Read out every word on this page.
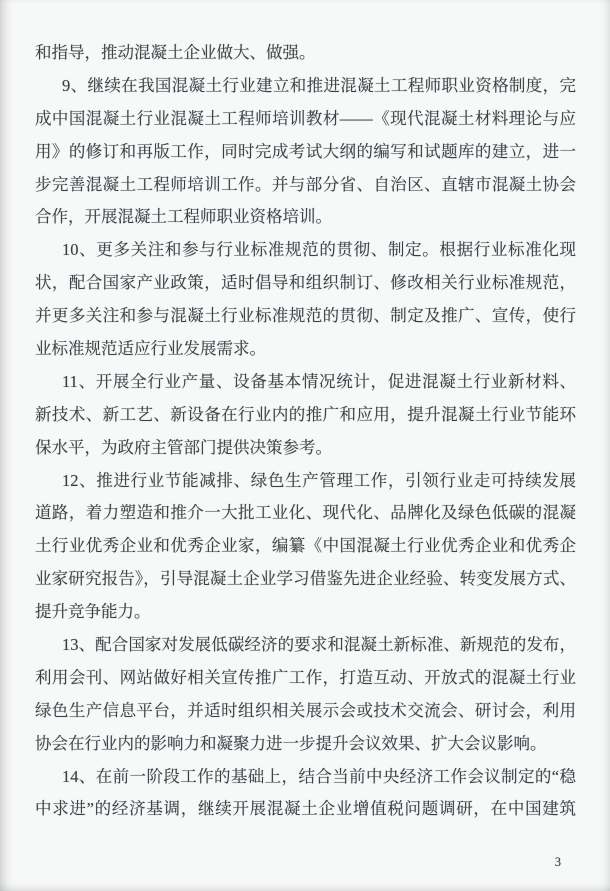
和指导，推动混凝土企业做大、做强。
9、继续在我国混凝土行业建立和推进混凝土工程师职业资格制度，完
成中国混凝土行业混凝土工程师培训教材——《现代混凝土材料理论与应
用》的修订和再版工作，同时完成考试大纲的编写和试题库的建立，进一
步完善混凝土工程师培训工作。并与部分省、自治区、直辖市混凝土协会
合作，开展混凝土工程师职业资格培训。
10、更多关注和参与行业标准规范的贯彻、制定。根据行业标准化现
状，配合国家产业政策，适时倡导和组织制订、修改相关行业标准规范，
并更多关注和参与混凝土行业标准规范的贯彻、制定及推广、宣传，使行
业标准规范适应行业发展需求。
11、开展全行业产量、设备基本情况统计，促进混凝土行业新材料、
新技术、新工艺、新设备在行业内的推广和应用，提升混凝土行业节能环
保水平，为政府主管部门提供决策参考。
12、推进行业节能减排、绿色生产管理工作，引领行业走可持续发展
道路，着力塑造和推介一大批工业化、现代化、品牌化及绿色低碳的混凝
土行业优秀企业和优秀企业家，编纂《中国混凝土行业优秀企业和优秀企
业家研究报告》，引导混凝土企业学习借鉴先进企业经验、转变发展方式、
提升竞争能力。
13、配合国家对发展低碳经济的要求和混凝土新标准、新规范的发布，
利用会刊、网站做好相关宣传推广工作，打造互动、开放式的混凝土行业
绿色生产信息平台，并适时组织相关展示会或技术交流会、研讨会，利用
协会在行业内的影响力和凝聚力进一步提升会议效果、扩大会议影响。
14、在前一阶段工作的基础上，结合当前中央经济工作会议制定的“稳
中求进”的经济基调，继续开展混凝土企业增值税问题调研，在中国建筑
3
